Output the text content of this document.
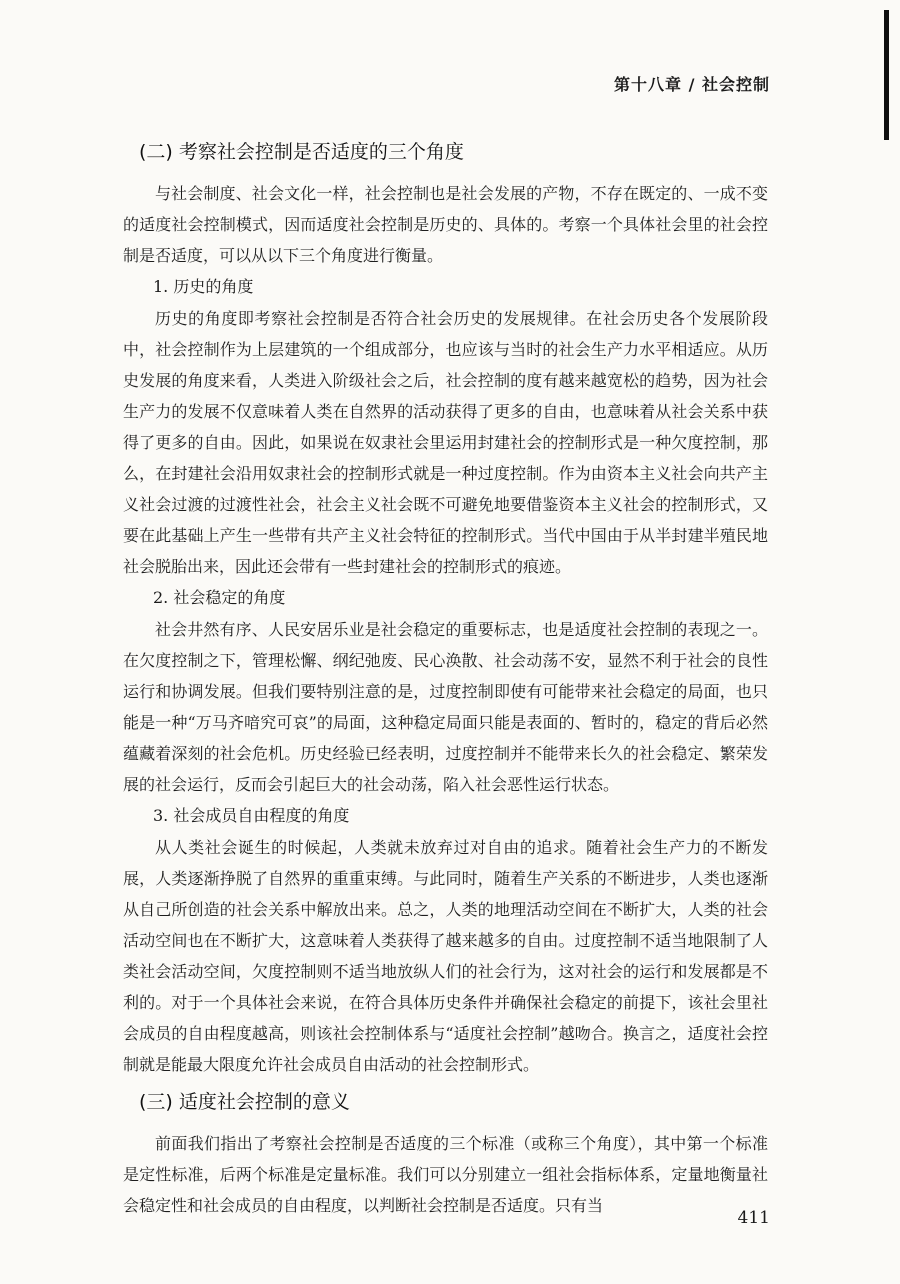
第十八章 / 社会控制
(二) 考察社会控制是否适度的三个角度

与社会制度、社会文化一样，社会控制也是社会发展的产物，不存在既定的、一成不变的适度社会控制模式，因而适度社会控制是历史的、具体的。考察一个具体社会里的社会控制是否适度，可以从以下三个角度进行衡量。

1. 历史的角度

历史的角度即考察社会控制是否符合社会历史的发展规律。在社会历史各个发展阶段中，社会控制作为上层建筑的一个组成部分，也应该与当时的社会生产力水平相适应。从历史发展的角度来看，人类进入阶级社会之后，社会控制的度有越来越宽松的趋势，因为社会生产力的发展不仅意味着人类在自然界的活动获得了更多的自由，也意味着从社会关系中获得了更多的自由。因此，如果说在奴隶社会里运用封建社会的控制形式是一种欠度控制，那么，在封建社会沿用奴隶社会的控制形式就是一种过度控制。作为由资本主义社会向共产主义社会过渡的过渡性社会，社会主义社会既不可避免地要借鉴资本主义社会的控制形式，又要在此基础上产生一些带有共产主义社会特征的控制形式。当代中国由于从半封建半殖民地社会脱胎出来，因此还会带有一些封建社会的控制形式的痕迹。

2. 社会稳定的角度

社会井然有序、人民安居乐业是社会稳定的重要标志，也是适度社会控制的表现之一。在欠度控制之下，管理松懈、纲纪弛废、民心涣散、社会动荡不安，显然不利于社会的良性运行和协调发展。但我们要特别注意的是，过度控制即使有可能带来社会稳定的局面，也只能是一种“万马齐喑究可哀”的局面，这种稳定局面只能是表面的、暂时的，稳定的背后必然蕴藏着深刻的社会危机。历史经验已经表明，过度控制并不能带来长久的社会稳定、繁荣发展的社会运行，反而会引起巨大的社会动荡，陷入社会恶性运行状态。

3. 社会成员自由程度的角度

从人类社会诞生的时候起，人类就未放弃过对自由的追求。随着社会生产力的不断发展，人类逐渐挣脱了自然界的重重束缚。与此同时，随着生产关系的不断进步，人类也逐渐从自己所创造的社会关系中解放出来。总之，人类的地理活动空间在不断扩大，人类的社会活动空间也在不断扩大，这意味着人类获得了越来越多的自由。过度控制不适当地限制了人类社会活动空间，欠度控制则不适当地放纵人们的社会行为，这对社会的运行和发展都是不利的。对于一个具体社会来说，在符合具体历史条件并确保社会稳定的前提下，该社会里社会成员的自由程度越高，则该社会控制体系与“适度社会控制”越吻合。换言之，适度社会控制就是能最大限度允许社会成员自由活动的社会控制形式。

(三) 适度社会控制的意义

前面我们指出了考察社会控制是否适度的三个标准（或称三个角度），其中第一个标准是定性标准，后两个标准是定量标准。我们可以分别建立一组社会指标体系，定量地衡量社会稳定性和社会成员的自由程度，以判断社会控制是否适度。只有当

411
